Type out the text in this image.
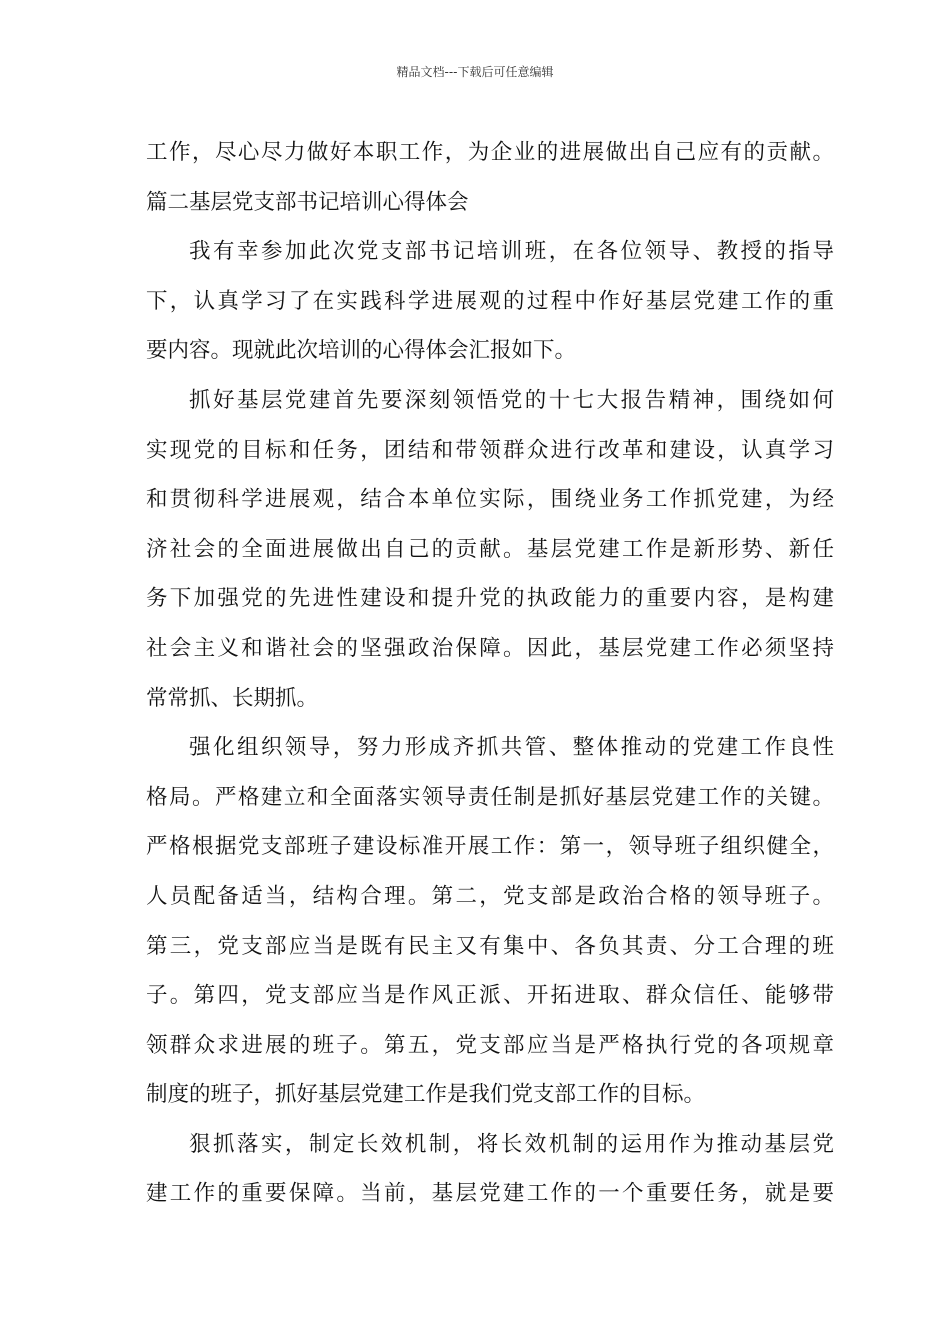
精品文档---下载后可任意编辑
工作，尽心尽力做好本职工作，为企业的进展做出自己应有的贡献。
篇二基层党支部书记培训心得体会
我有幸参加此次党支部书记培训班，在各位领导、教授的指导
下，认真学习了在实践科学进展观的过程中作好基层党建工作的重
要内容。现就此次培训的心得体会汇报如下。
抓好基层党建首先要深刻领悟党的十七大报告精神，围绕如何
实现党的目标和任务，团结和带领群众进行改革和建设，认真学习
和贯彻科学进展观，结合本单位实际，围绕业务工作抓党建，为经
济社会的全面进展做出自己的贡献。基层党建工作是新形势、新任
务下加强党的先进性建设和提升党的执政能力的重要内容，是构建
社会主义和谐社会的坚强政治保障。因此，基层党建工作必须坚持
常常抓、长期抓。
强化组织领导，努力形成齐抓共管、整体推动的党建工作良性
格局。严格建立和全面落实领导责任制是抓好基层党建工作的关键。
严格根据党支部班子建设标准开展工作：第一，领导班子组织健全，
人员配备适当，结构合理。第二，党支部是政治合格的领导班子。
第三，党支部应当是既有民主又有集中、各负其责、分工合理的班
子。第四，党支部应当是作风正派、开拓进取、群众信任、能够带
领群众求进展的班子。第五，党支部应当是严格执行党的各项规章
制度的班子，抓好基层党建工作是我们党支部工作的目标。
狠抓落实，制定长效机制，将长效机制的运用作为推动基层党
建工作的重要保障。当前，基层党建工作的一个重要任务，就是要
